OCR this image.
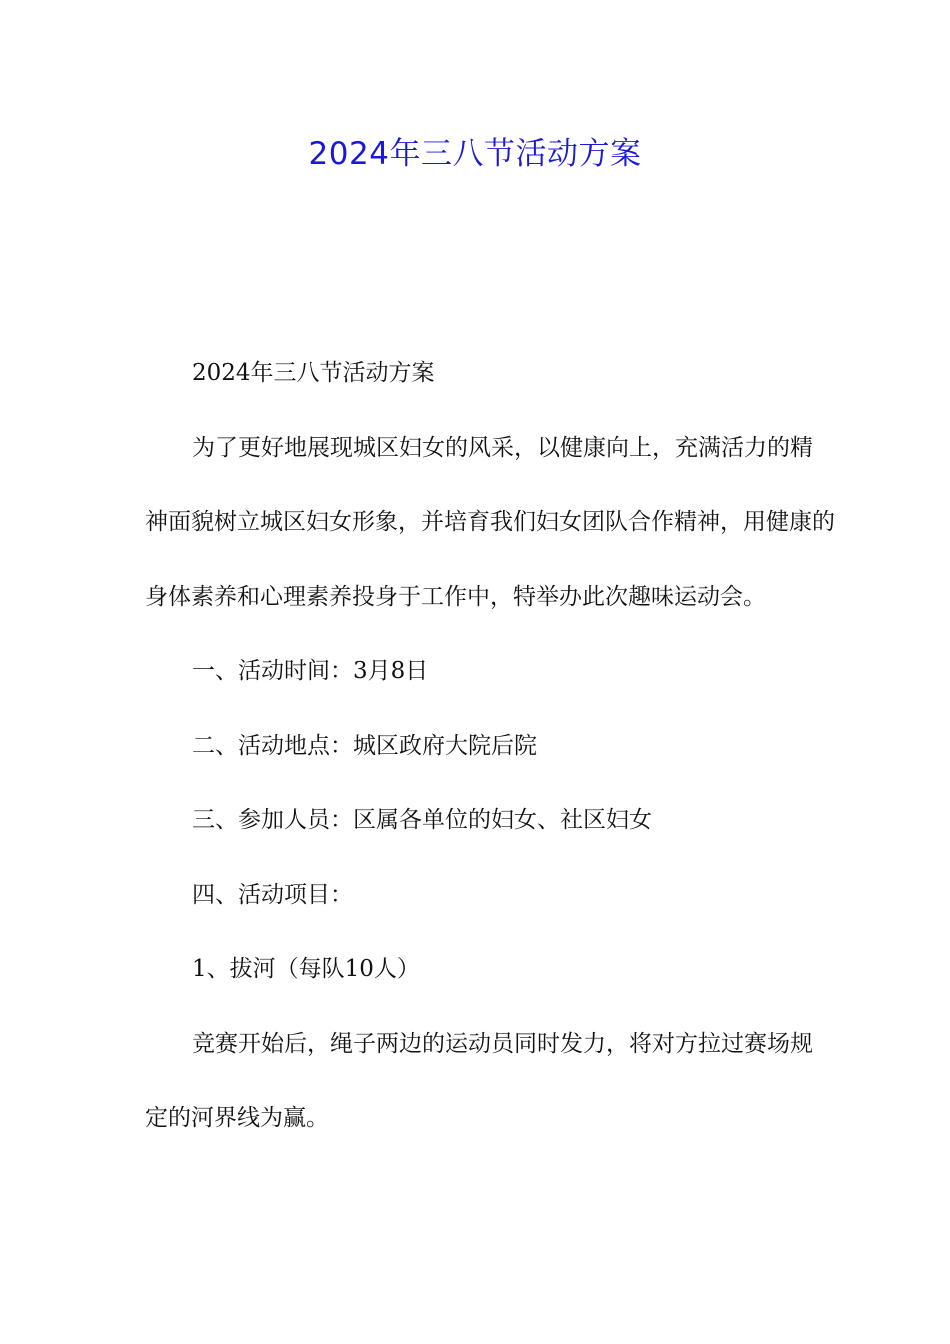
2024年三八节活动方案

2024年三八节活动方案

为了更好地展现城区妇女的风采，以健康向上，充满活力的精神面貌树立城区妇女形象，并培育我们妇女团队合作精神，用健康的身体素养和心理素养投身于工作中，特举办此次趣味运动会。

一、活动时间：3月8日

二、活动地点：城区政府大院后院

三、参加人员：区属各单位的妇女、社区妇女

四、活动项目：

1、拔河（每队10人）

竞赛开始后，绳子两边的运动员同时发力，将对方拉过赛场规定的河界线为赢。
